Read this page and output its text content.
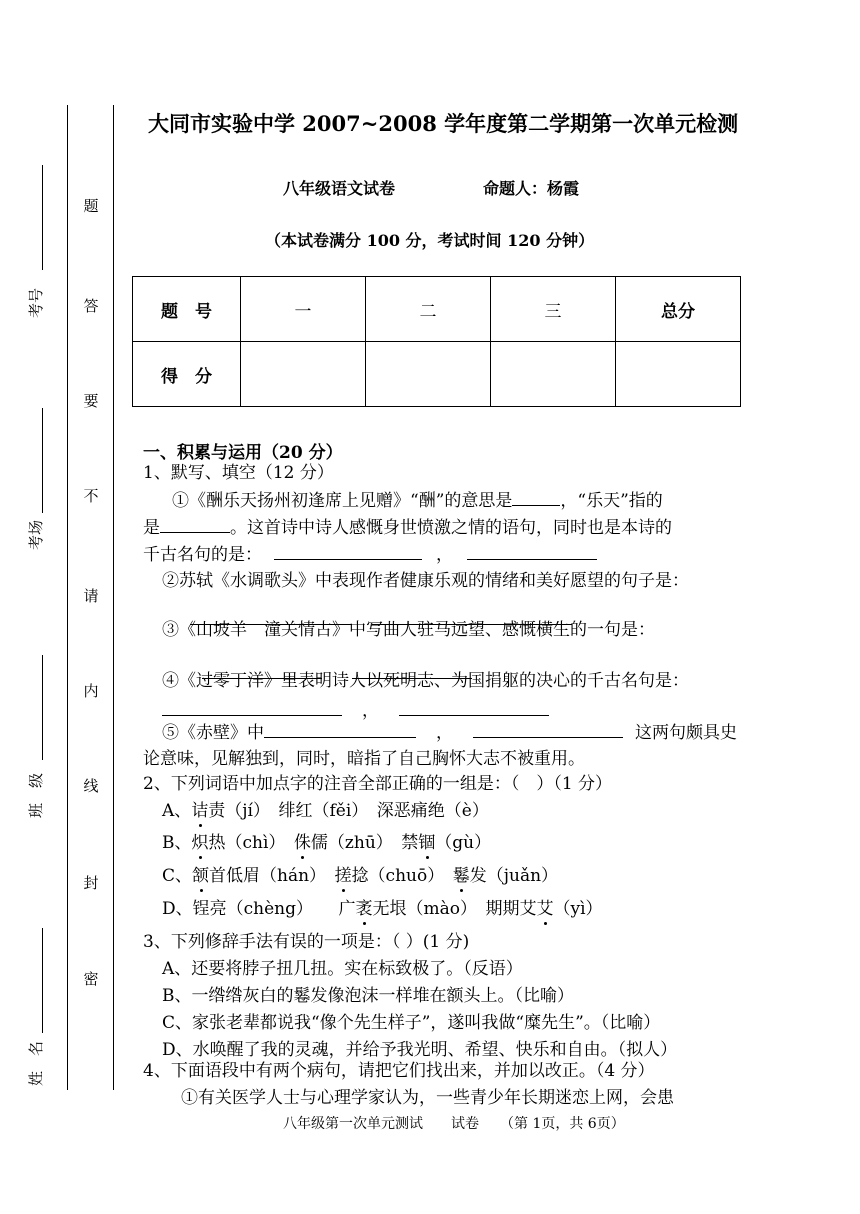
题
答
要
不
请
内
线
封
密
考号
考场
班　级
姓　名
大同市实验中学 2007~2008 学年度第二学期第一次单元检测
八年级语文试卷	命题人：杨霞
（本试卷满分 100 分，考试时间 120 分钟）
题　号	一	二	三	总分
得　分				
一、积累与运用（20 分）
1、默写、填空（12 分）
①《酬乐天扬州初逢席上见赠》“酬”的意思是	，“乐天”指的
是	。这首诗中诗人感慨身世愤激之情的语句，同时也是本诗的
千古名句的是：	，
②苏轼《水调歌头》中表现作者健康乐观的情绪和美好愿望的句子是：
③《山坡羊　潼关情古》中写曲人驻马远望、感慨横生的一句是：
④《过零丁洋》里表明诗人以死明志、为国捐躯的决心的千古名句是：
，
⑤《赤壁》中	，	这两句颇具史
论意味，见解独到，同时，暗指了自己胸怀大志不被重用。
2、下列词语中加点字的注音全部正确的一组是：（　）（1 分）
A、诘责（jí）　绯红（fěi）　深恶痛绝（è）
B、炽热（chì）　侏儒（zhū）　禁锢（gù）
C、颔首低眉（hán）　搓捻（chuō）　鬈发（juǎn）
D、锃亮（chèng）　　广袤无垠（mào）　期期艾艾（yì）
3、下列修辞手法有误的一项是：（ ）(1 分)
A、还要将脖子扭几扭。实在标致极了。（反语）
B、一绺绺灰白的鬈发像泡沫一样堆在额头上。（比喻）
C、家张老辈都说我“像个先生样子”，遂叫我做“糜先生”。（比喻）
D、水唤醒了我的灵魂，并给予我光明、希望、快乐和自由。（拟人）
4、下面语段中有两个病句，请把它们找出来，并加以改正。（4 分）
①有关医学人士与心理学家认为，一些青少年长期迷恋上网，会患
八年级第一次单元测试　　试卷　　（第 1页，共 6页）
